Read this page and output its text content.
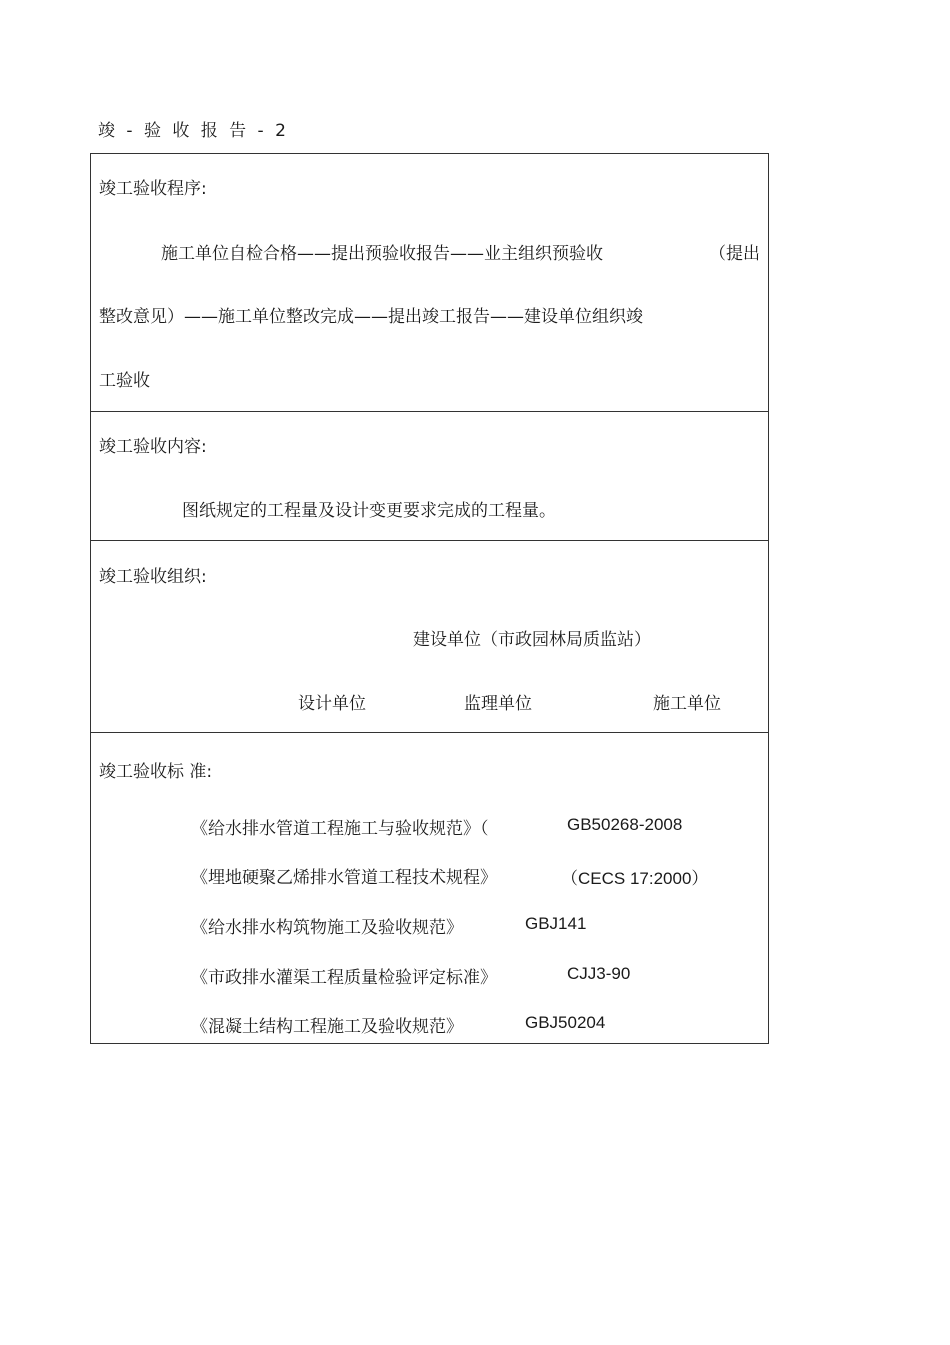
竣 - 验 收 报 告 - 2
竣工验收程序:
施工单位自检合格——提出预验收报告——业主组织预验收	（提出
整改意见）——施工单位整改完成——提出竣工报告——建设单位组织竣
工验收
竣工验收内容:
图纸规定的工程量及设计变更要求完成的工程量。
竣工验收组织:
建设单位（市政园林局质监站）
设计单位	监理单位	施工单位
竣工验收标 准:
《给水排水管道工程施工与验收规范》（	GB50268-2008
《埋地硬聚乙烯排水管道工程技术规程》	（CECS 17:2000）
《给水排水构筑物施工及验收规范》	GBJ141
《市政排水灌渠工程质量检验评定标准》	CJJ3-90
《混凝土结构工程施工及验收规范》	GBJ50204
